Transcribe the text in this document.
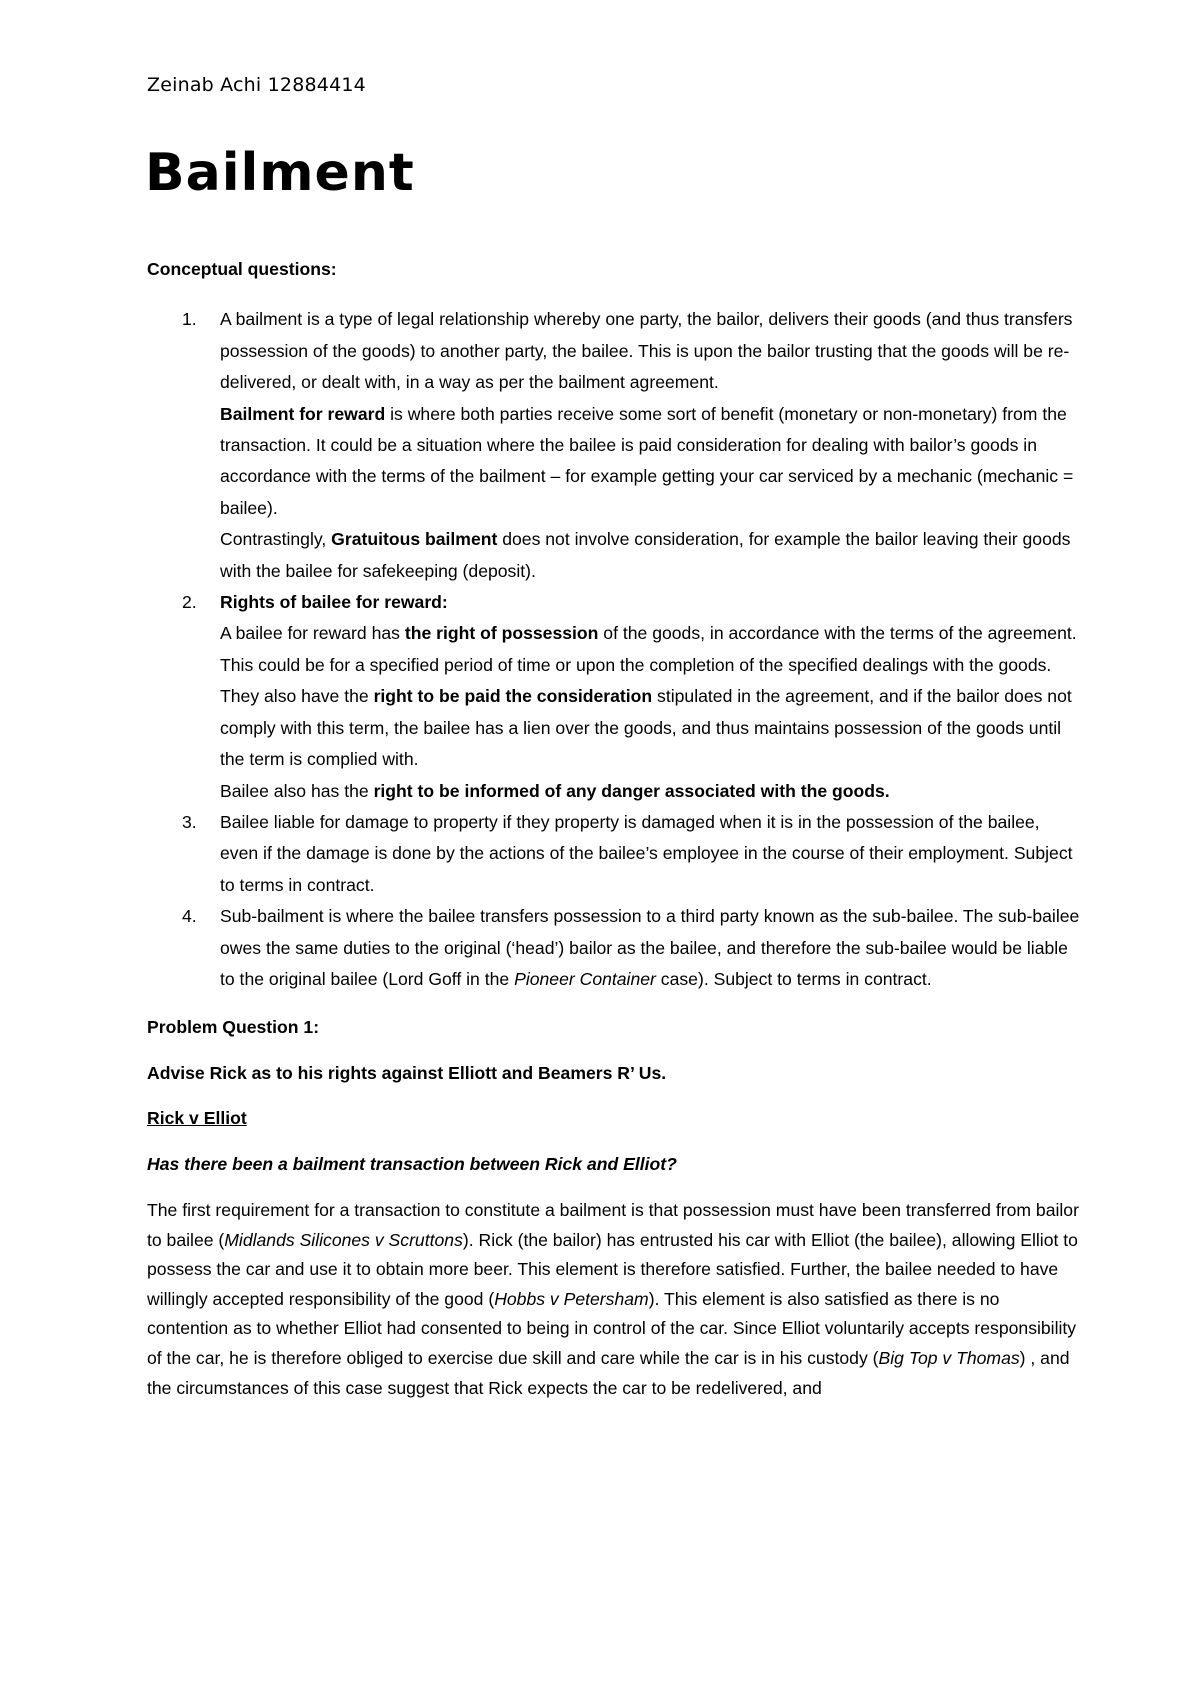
Zeinab Achi 12884414
Bailment

Conceptual questions:

1. A bailment is a type of legal relationship whereby one party, the bailor, delivers their goods (and thus transfers possession of the goods) to another party, the bailee. This is upon the bailor trusting that the goods will be re-delivered, or dealt with, in a way as per the bailment agreement.

Bailment for reward is where both parties receive some sort of benefit (monetary or non-monetary) from the transaction. It could be a situation where the bailee is paid consideration for dealing with bailor’s goods in accordance with the terms of the bailment – for example getting your car serviced by a mechanic (mechanic = bailee).

Contrastingly, Gratuitous bailment does not involve consideration, for example the bailor leaving their goods with the bailee for safekeeping (deposit).

2. Rights of bailee for reward:

A bailee for reward has the right of possession of the goods, in accordance with the terms of the agreement. This could be for a specified period of time or upon the completion of the specified dealings with the goods.

They also have the right to be paid the consideration stipulated in the agreement, and if the bailor does not comply with this term, the bailee has a lien over the goods, and thus maintains possession of the goods until the term is complied with.

Bailee also has the right to be informed of any danger associated with the goods.

3. Bailee liable for damage to property if they property is damaged when it is in the possession of the bailee, even if the damage is done by the actions of the bailee’s employee in the course of their employment. Subject to terms in contract.

4. Sub-bailment is where the bailee transfers possession to a third party known as the sub-bailee. The sub-bailee owes the same duties to the original (‘head’) bailor as the bailee, and therefore the sub-bailee would be liable to the original bailee (Lord Goff in the Pioneer Container case). Subject to terms in contract.

Problem Question 1:

Advise Rick as to his rights against Elliott and Beamers R’ Us.

Rick v Elliot

Has there been a bailment transaction between Rick and Elliot?

The first requirement for a transaction to constitute a bailment is that possession must have been transferred from bailor to bailee (Midlands Silicones v Scruttons). Rick (the bailor) has entrusted his car with Elliot (the bailee), allowing Elliot to possess the car and use it to obtain more beer. This element is therefore satisfied. Further, the bailee needed to have willingly accepted responsibility of the good (Hobbs v Petersham). This element is also satisfied as there is no contention as to whether Elliot had consented to being in control of the car. Since Elliot voluntarily accepts responsibility of the car, he is therefore obliged to exercise due skill and care while the car is in his custody (Big Top v Thomas) , and the circumstances of this case suggest that Rick expects the car to be redelivered, and
